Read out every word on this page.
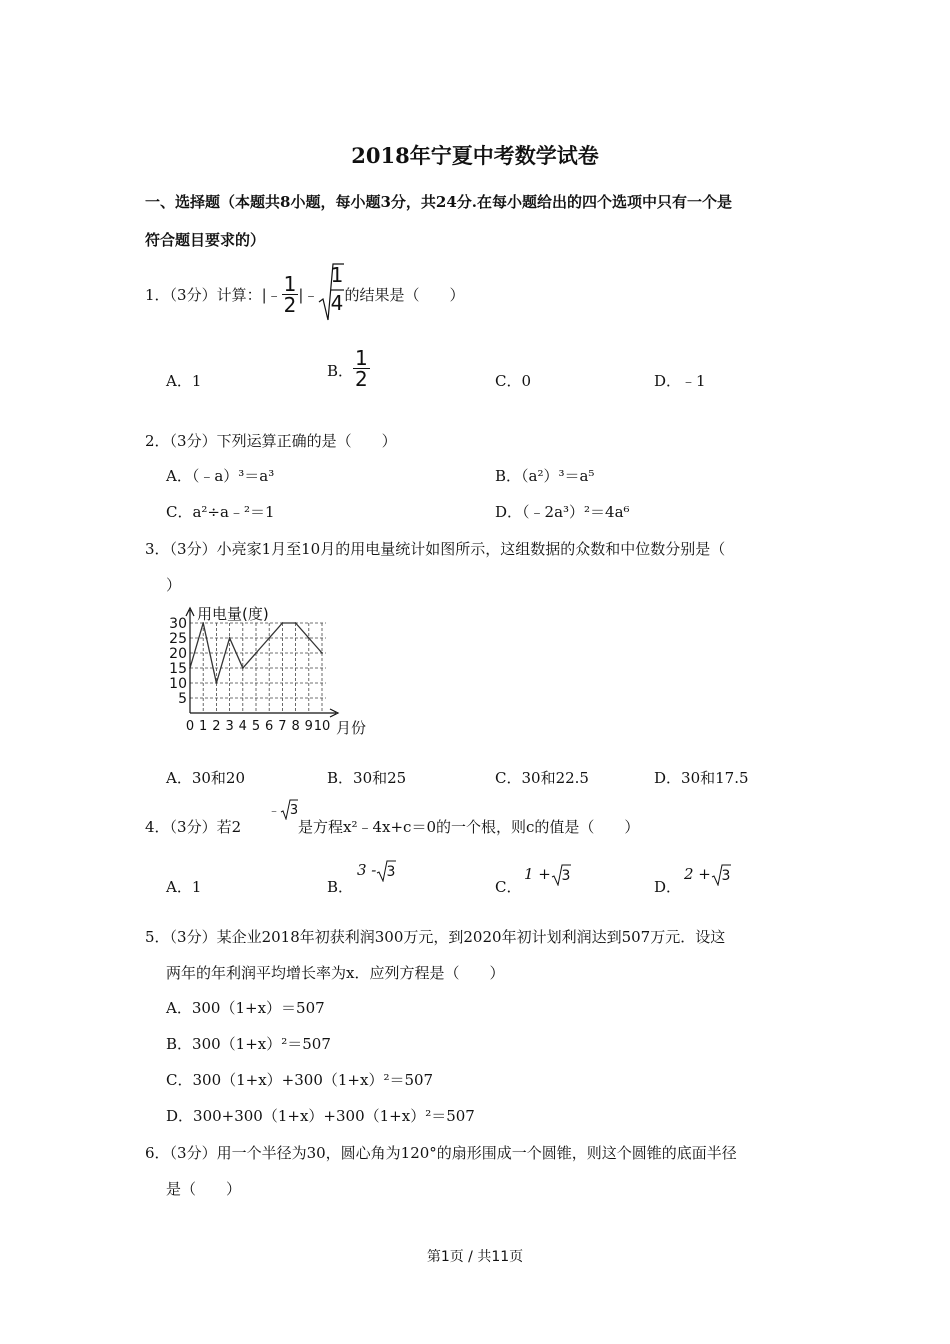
2018年宁夏中考数学试卷
一、选择题（本题共8小题，每小题3分，共24分.在每小题给出的四个选项中只有一个是
符合题目要求的）
1．（3分）计算：|﹣ $\frac{1}{2}$ |﹣
1
4 的结果是（　　）
A．1
B． $\frac{1}{2}$	C．0	D．﹣1
2．（3分）下列运算正确的是（　　）
A．（﹣a）³＝a³	B．（a²）³＝a⁵
C．a²÷a﹣²＝1	D．（﹣2a³）²＝4a⁶
3．（3分）小亮家1月至10月的用电量统计如图所示，这组数据的众数和中位数分别是（
）
5
10
15
20
25
30
0 1 2 3 4 5 6 7 8 9 10
用电量(度)
月份
A．30和20	B．30和25	C．30和22.5	D．30和17.5
4．（3分）若2
﹣ 3
是方程x²﹣4x+c＝0的一个根，则c的值是（　　）
A．1	B．
3 - 3
C．
1 + 3
D．
2 + 3
5．（3分）某企业2018年初获利润300万元，到2020年初计划利润达到507万元．设这
两年的年利润平均增长率为x．应列方程是（　　）
A．300（1+x）＝507
B．300（1+x）²＝507
C．300（1+x）+300（1+x）²＝507
D．300+300（1+x）+300（1+x）²＝507
6．（3分）用一个半径为30，圆心角为120°的扇形围成一个圆锥，则这个圆锥的底面半径
是（　　）
第1页 / 共11页
